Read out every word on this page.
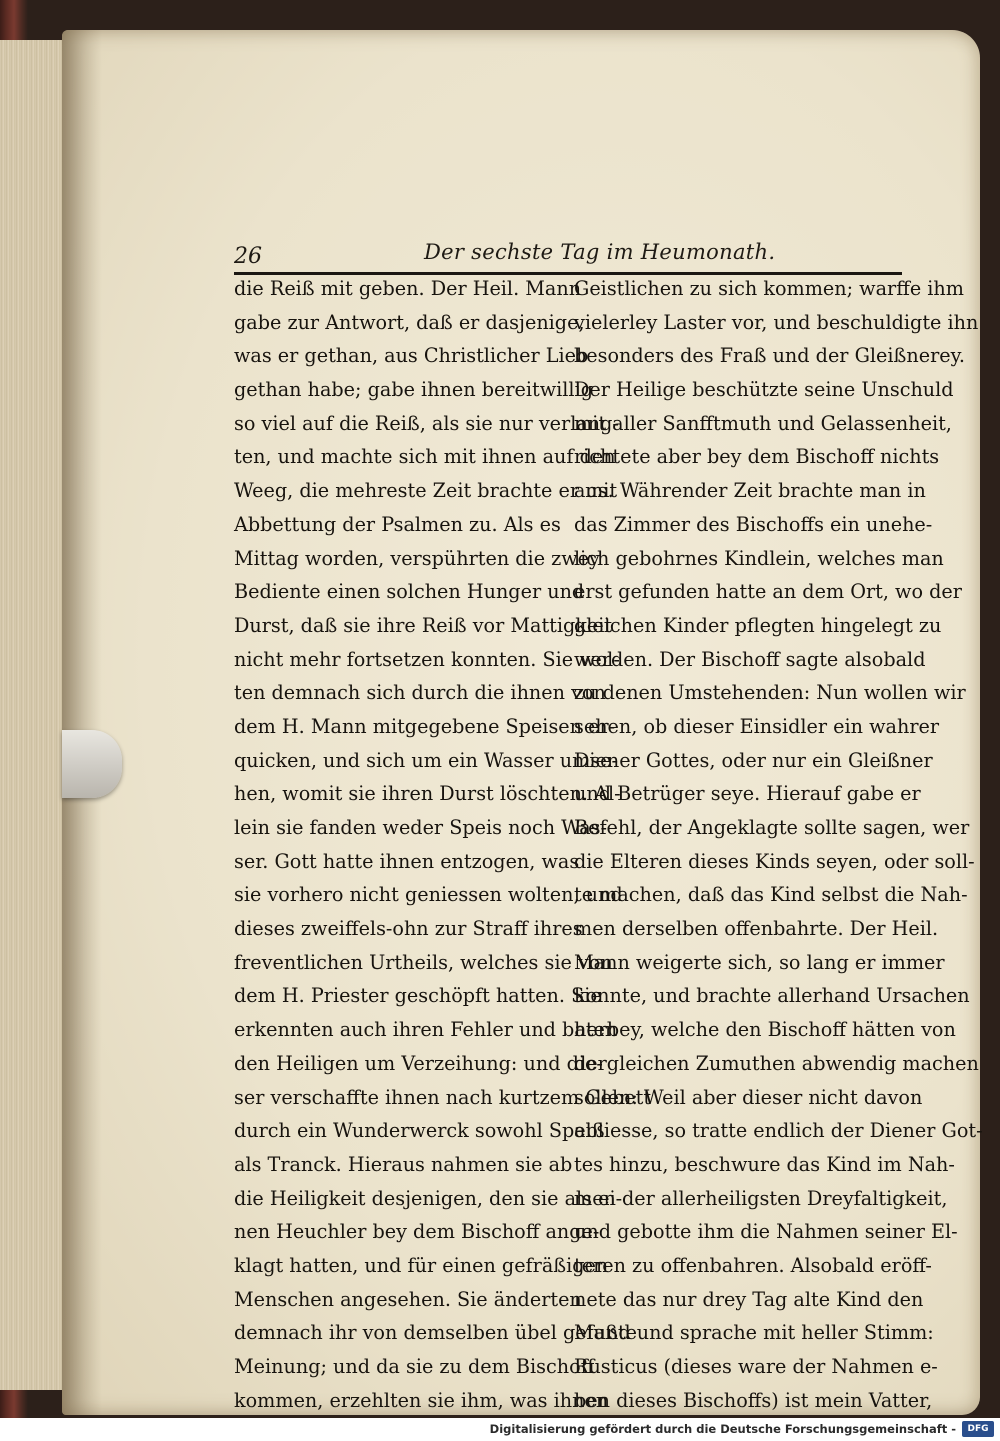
26	Der sechste Tag im Heumonath.
die Reiß mit geben. Der Heil. Mann
gabe zur Antwort, daß er dasjenige,
was er gethan, aus Christlicher Lieb
gethan habe; gabe ihnen bereitwillig
so viel auf die Reiß, als sie nur verlang-
ten, und machte sich mit ihnen auf den
Weeg, die mehreste Zeit brachte er mit
Abbettung der Psalmen zu. Als es
Mittag worden, verspührten die zwey
Bediente einen solchen Hunger und
Durst, daß sie ihre Reiß vor Mattigkeit
nicht mehr fortsetzen konnten. Sie wol-
ten demnach sich durch die ihnen von
dem H. Mann mitgegebene Speisen er-
quicken, und sich um ein Wasser umse-
hen, womit sie ihren Durst löschten. Al-
lein sie fanden weder Speis noch Was-
ser. Gott hatte ihnen entzogen, was
sie vorhero nicht geniessen wolten, und
dieses zweiffels-ohn zur Straff ihres
freventlichen Urtheils, welches sie von
dem H. Priester geschöpft hatten. Sie
erkennten auch ihren Fehler und baten
den Heiligen um Verzeihung: und die-
ser verschaffte ihnen nach kurtzem Gebett
durch ein Wunderwerck sowohl Speiß
als Tranck. Hieraus nahmen sie ab
die Heiligkeit desjenigen, den sie als ei-
nen Heuchler bey dem Bischoff ange-
klagt hatten, und für einen gefräßigen
Menschen angesehen. Sie änderten
demnach ihr von demselben übel gefaßte
Meinung; und da sie zu dem Bischoff
kommen, erzehlten sie ihm, was ihnen
Geistlichen zu sich kommen; warffe ihm
vielerley Laster vor, und beschuldigte ihn
besonders des Fraß und der Gleißnerey.
Der Heilige beschützte seine Unschuld
mit aller Sanfftmuth und Gelassenheit,
richtete aber bey dem Bischoff nichts
aus. Währender Zeit brachte man in
das Zimmer des Bischoffs ein unehe-
lich gebohrnes Kindlein, welches man
erst gefunden hatte an dem Ort, wo der
gleichen Kinder pflegten hingelegt zu
werden. Der Bischoff sagte alsobald
zu denen Umstehenden: Nun wollen wir
sehen, ob dieser Einsidler ein wahrer
Diener Gottes, oder nur ein Gleißner
und Betrüger seye. Hierauf gabe er
Befehl, der Angeklagte sollte sagen, wer
die Elteren dieses Kinds seyen, oder soll-
te machen, daß das Kind selbst die Nah-
men derselben offenbahrte. Der Heil.
Mann weigerte sich, so lang er immer
konnte, und brachte allerhand Ursachen
herbey, welche den Bischoff hätten von
dergleichen Zumuthen abwendig machen
sollen: Weil aber dieser nicht davon
abliesse, so tratte endlich der Diener Got-
tes hinzu, beschwure das Kind im Nah-
men der allerheiligsten Dreyfaltigkeit,
und gebotte ihm die Nahmen seiner El-
teren zu offenbahren. Alsobald eröff-
nete das nur drey Tag alte Kind den
Mund und sprache mit heller Stimm:
Rusticus (dieses ware der Nahmen e-
ben dieses Bischoffs) ist mein Vatter,
Digitalisierung gefördert durch die Deutsche Forschungsgemeinschaft -	DFG
